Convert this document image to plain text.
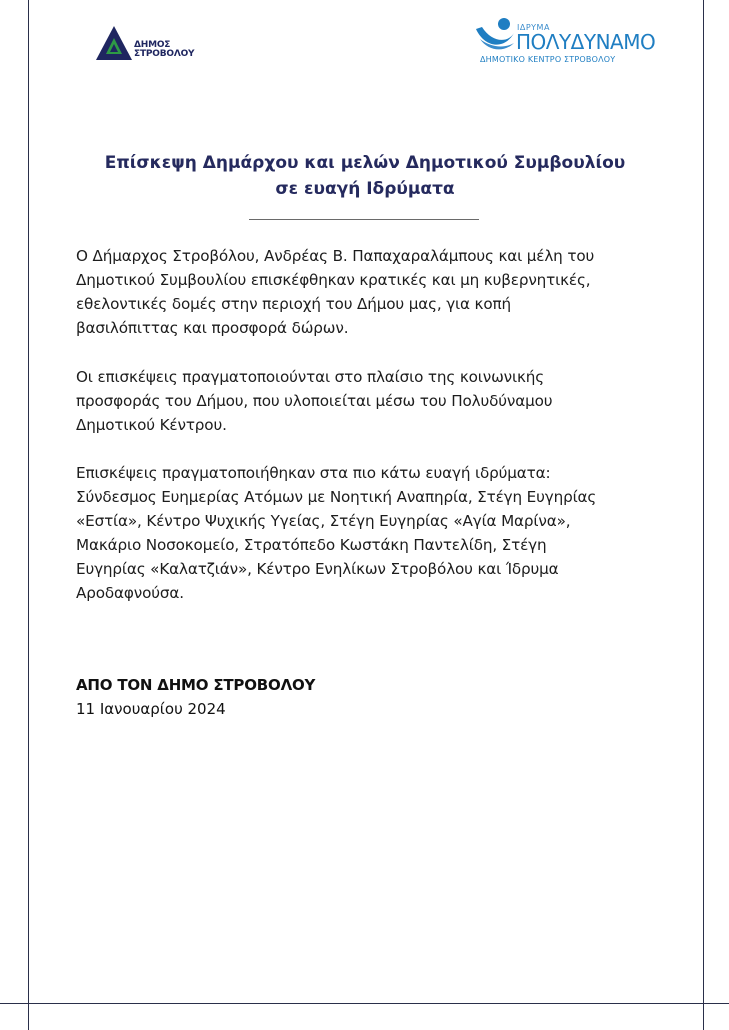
ΔΗΜΟΣ
ΣΤΡΟΒΟΛΟΥ
ΙΔΡΥΜΑ
ΠΟΛΥΔΥΝΑΜΟ
ΔΗΜΟΤΙΚΟ ΚΕΝΤΡΟ ΣΤΡΟΒΟΛΟΥ
Επίσκεψη Δημάρχου και μελών Δημοτικού Συμβουλίου
σε ευαγή Ιδρύματα
Ο Δήμαρχος Στροβόλου, Ανδρέας Β. Παπαχαραλάμπους και μέλη του
Δημοτικού Συμβουλίου επισκέφθηκαν κρατικές και μη κυβερνητικές,
εθελοντικές δομές στην περιοχή του Δήμου μας, για κοπή
βασιλόπιττας και προσφορά δώρων.
Οι επισκέψεις πραγματοποιούνται στο πλαίσιο της κοινωνικής
προσφοράς του Δήμου, που υλοποιείται μέσω του Πολυδύναμου
Δημοτικού Κέντρου.
Επισκέψεις πραγματοποιήθηκαν στα πιο κάτω ευαγή ιδρύματα:
Σύνδεσμος Ευημερίας Ατόμων με Νοητική Αναπηρία, Στέγη Ευγηρίας
«Εστία», Κέντρο Ψυχικής Υγείας, Στέγη Ευγηρίας «Αγία Μαρίνα»,
Μακάριο Νοσοκομείο, Στρατόπεδο Κωστάκη Παντελίδη, Στέγη
Ευγηρίας «Καλατζιάν», Κέντρο Ενηλίκων Στροβόλου και Ίδρυμα
Αροδαφνούσα.
ΑΠΟ ΤΟΝ ΔΗΜΟ ΣΤΡΟΒΟΛΟΥ
11 Ιανουαρίου 2024
